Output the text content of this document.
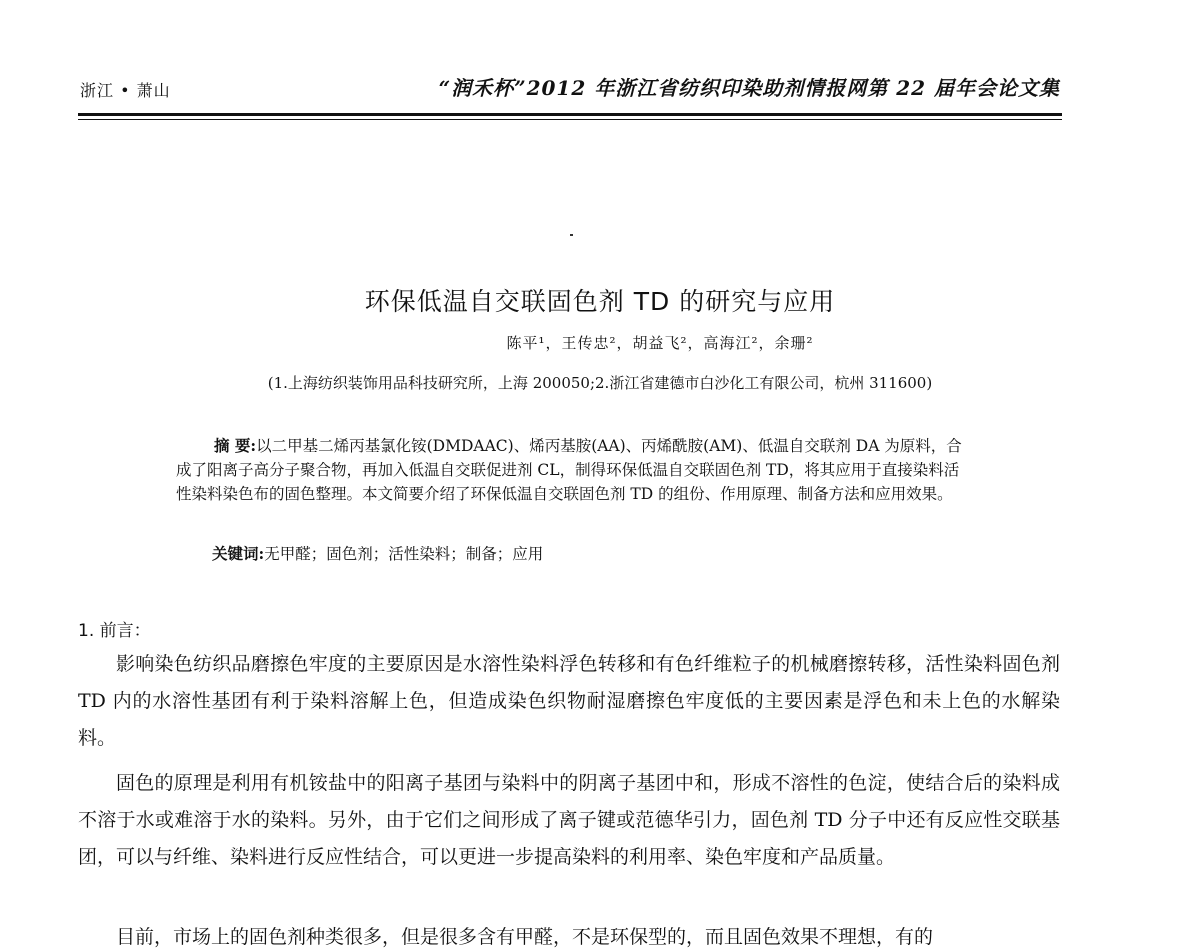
浙江 • 萧山	“润禾杯”2012 年浙江省纺织印染助剂情报网第 22 届年会论文集
环保低温自交联固色剂 TD 的研究与应用
陈平¹，王传忠²，胡益飞²，高海江²，余珊²
(1.上海纺织装饰用品科技研究所，上海 200050;2.浙江省建德市白沙化工有限公司，杭州 311600)

摘 要:以二甲基二烯丙基氯化铵(DMDAAC)、烯丙基胺(AA)、丙烯酰胺(AM)、低温自交联剂 DA 为原料，合成了阳离子高分子聚合物，再加入低温自交联促进剂 CL，制得环保低温自交联固色剂 TD，将其应用于直接染料活性染料染色布的固色整理。本文简要介绍了环保低温自交联固色剂 TD 的组份、作用原理、制备方法和应用效果。

关键词:无甲醛；固色剂；活性染料；制备；应用
1. 前言：

影响染色纺织品磨擦色牢度的主要原因是水溶性染料浮色转移和有色纤维粒子的机械磨擦转移，活性染料固色剂 TD 内的水溶性基团有利于染料溶解上色，但造成染色织物耐湿磨擦色牢度低的主要因素是浮色和未上色的水解染料。

固色的原理是利用有机铵盐中的阳离子基团与染料中的阴离子基团中和，形成不溶性的色淀，使结合后的染料成不溶于水或难溶于水的染料。另外，由于它们之间形成了离子键或范德华引力，固色剂 TD 分子中还有反应性交联基团，可以与纤维、染料进行反应性结合，可以更进一步提高染料的利用率、染色牢度和产品质量。

目前，市场上的固色剂种类很多，但是很多含有甲醛，不是环保型的，而且固色效果不理想，有的
